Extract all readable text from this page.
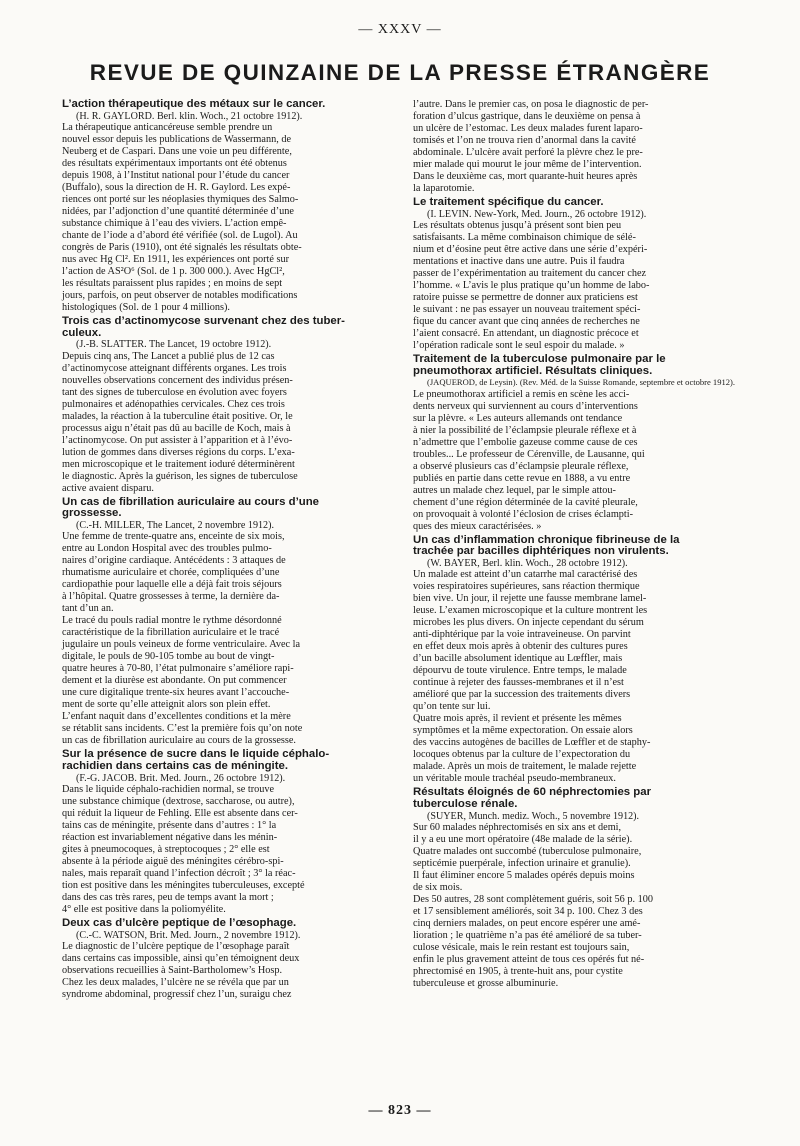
— XXXV —
REVUE DE QUINZAINE DE LA PRESSE ÉTRANGÈRE
L’action thérapeutique des métaux sur le cancer.
(H. R. GAYLORD. Berl. klin. Woch., 21 octobre 1912).
La thérapeutique anticancéreuse semble prendre un
nouvel essor depuis les publications de Wassermann, de
Neuberg et de Caspari. Dans une voie un peu différente,
des résultats expérimentaux importants ont été obtenus
depuis 1908, à l’Institut national pour l’étude du cancer
(Buffalo), sous la direction de H. R. Gaylord. Les expé-
riences ont porté sur les néoplasies thymiques des Salmo-
nidées, par l’adjonction d’une quantité déterminée d’une
substance chimique à l’eau des viviers. L’action empê-
chante de l’iode a d’abord été vérifiée (sol. de Lugol). Au
congrès de Paris (1910), ont été signalés les résultats obte-
nus avec Hg Cl². En 1911, les expériences ont porté sur
l’action de AS²O⁶ (Sol. de 1 p. 300 000.). Avec HgCl²,
les résultats paraissent plus rapides ; en moins de sept
jours, parfois, on peut observer de notables modifications
histologiques (Sol. de 1 pour 4 millions).
Trois cas d’actinomycose survenant chez des tuber-
culeux.
(J.-B. SLATTER. The Lancet, 19 octobre 1912).
Depuis cinq ans, The Lancet a publié plus de 12 cas
d’actinomycose atteignant différents organes. Les trois
nouvelles observations concernent des individus présen-
tant des signes de tuberculose en évolution avec foyers
pulmonaires et adénopathies cervicales. Chez ces trois
malades, la réaction à la tuberculine était positive. Or, le
processus aigu n’était pas dû au bacille de Koch, mais à
l’actinomycose. On put assister à l’apparition et à l’évo-
lution de gommes dans diverses régions du corps. L’exa-
men microscopique et le traitement ioduré déterminèrent
le diagnostic. Après la guérison, les signes de tuberculose
active avaient disparu.
Un cas de fibrillation auriculaire au cours d’une
grossesse.
(C.-H. MILLER, The Lancet, 2 novembre 1912).
Une femme de trente-quatre ans, enceinte de six mois,
entre au London Hospital avec des troubles pulmo-
naires d’origine cardiaque. Antécédents : 3 attaques de
rhumatisme auriculaire et chorée, compliquées d’une
cardiopathie pour laquelle elle a déjà fait trois séjours
à l’hôpital. Quatre grossesses à terme, la dernière da-
tant d’un an.
Le tracé du pouls radial montre le rythme désordonné
caractéristique de la fibrillation auriculaire et le tracé
jugulaire un pouls veineux de forme ventriculaire. Avec la
digitale, le pouls de 90-105 tombe au bout de vingt-
quatre heures à 70-80, l’état pulmonaire s’améliore rapi-
dement et la diurèse est abondante. On put commencer
une cure digitalique trente-six heures avant l’accouche-
ment de sorte qu’elle atteignit alors son plein effet.
L’enfant naquit dans d’excellentes conditions et la mère
se rétablit sans incidents. C’est la première fois qu’on note
un cas de fibrillation auriculaire au cours de la grossesse.
Sur la présence de sucre dans le liquide céphalo-
rachidien dans certains cas de méningite.
(F.-G. JACOB. Brit. Med. Journ., 26 octobre 1912).
Dans le liquide céphalo-rachidien normal, se trouve
une substance chimique (dextrose, saccharose, ou autre),
qui réduit la liqueur de Fehling. Elle est absente dans cer-
tains cas de méningite, présente dans d’autres : 1° la
réaction est invariablement négative dans les ménin-
gites à pneumocoques, à streptocoques ; 2° elle est
absente à la période aiguë des méningites cérébro-spi-
nales, mais reparaît quand l’infection décroît ; 3° la réac-
tion est positive dans les méningites tuberculeuses, excepté
dans des cas très rares, peu de temps avant la mort ;
4° elle est positive dans la poliomyélite.
Deux cas d’ulcère peptique de l’œsophage.
(C.-C. WATSON, Brit. Med. Journ., 2 novembre 1912).
Le diagnostic de l’ulcère peptique de l’œsophage paraît
dans certains cas impossible, ainsi qu’en témoignent deux
observations recueillies à Saint-Bartholomew’s Hosp.
Chez les deux malades, l’ulcère ne se révéla que par un
syndrome abdominal, progressif chez l’un, suraigu chez
l’autre. Dans le premier cas, on posa le diagnostic de per-
foration d’ulcus gastrique, dans le deuxième on pensa à
un ulcère de l’estomac. Les deux malades furent laparo-
tomisés et l’on ne trouva rien d’anormal dans la cavité
abdominale. L’ulcère avait perforé la plèvre chez le pre-
mier malade qui mourut le jour même de l’intervention.
Dans le deuxième cas, mort quarante-huit heures après
la laparotomie.
Le traitement spécifique du cancer.
(I. LEVIN. New-York, Med. Journ., 26 octobre 1912).
Les résultats obtenus jusqu’à présent sont bien peu
satisfaisants. La même combinaison chimique de sélé-
nium et d’éosine peut être active dans une série d’expéri-
mentations et inactive dans une autre. Puis il faudra
passer de l’expérimentation au traitement du cancer chez
l’homme. « L’avis le plus pratique qu’un homme de labo-
ratoire puisse se permettre de donner aux praticiens est
le suivant : ne pas essayer un nouveau traitement spéci-
fique du cancer avant que cinq années de recherches ne
l’aient consacré. En attendant, un diagnostic précoce et
l’opération radicale sont le seul espoir du malade. »
Traitement de la tuberculose pulmonaire par le
pneumothorax artificiel. Résultats cliniques.
(JAQUEROD, de Leysin). (Rev. Méd. de la Suisse Romande, septembre et octobre 1912).
Le pneumothorax artificiel a remis en scène les acci-
dents nerveux qui surviennent au cours d’interventions
sur la plèvre. « Les auteurs allemands ont tendance
à nier la possibilité de l’éclampsie pleurale réflexe et à
n’admettre que l’embolie gazeuse comme cause de ces
troubles... Le professeur de Cérenville, de Lausanne, qui
a observé plusieurs cas d’éclampsie pleurale réflexe,
publiés en partie dans cette revue en 1888, a vu entre
autres un malade chez lequel, par le simple attou-
chement d’une région déterminée de la cavité pleurale,
on provoquait à volonté l’éclosion de crises éclampti-
ques des mieux caractérisées. »
Un cas d’inflammation chronique fibrineuse de la
trachée par bacilles diphtériques non virulents.
(W. BAYER, Berl. klin. Woch., 28 octobre 1912).
Un malade est atteint d’un catarrhe mal caractérisé des
voies respiratoires supérieures, sans réaction thermique
bien vive. Un jour, il rejette une fausse membrane lamel-
leuse. L’examen microscopique et la culture montrent les
microbes les plus divers. On injecte cependant du sérum
anti-diphtérique par la voie intraveineuse. On parvint
en effet deux mois après à obtenir des cultures pures
d’un bacille absolument identique au Lœffler, mais
dépourvu de toute virulence. Entre temps, le malade
continue à rejeter des fausses-membranes et il n’est
amélioré que par la succession des traitements divers
qu’on tente sur lui.
Quatre mois après, il revient et présente les mêmes
symptômes et la même expectoration. On essaie alors
des vaccins autogènes de bacilles de Lœffler et de staphy-
locoques obtenus par la culture de l’expectoration du
malade. Après un mois de traitement, le malade rejette
un véritable moule trachéal pseudo-membraneux.
Résultats éloignés de 60 néphrectomies par
tuberculose rénale.
(SUYER, Munch. mediz. Woch., 5 novembre 1912).
Sur 60 malades néphrectomisés en six ans et demi,
il y a eu une mort opératoire (48e malade de la série).
Quatre malades ont succombé (tuberculose pulmonaire,
septicémie puerpérale, infection urinaire et granulie).
Il faut éliminer encore 5 malades opérés depuis moins
de six mois.
Des 50 autres, 28 sont complètement guéris, soit 56 p. 100
et 17 sensiblement améliorés, soit 34 p. 100. Chez 3 des
cinq derniers malades, on peut encore espérer une amé-
lioration ; le quatrième n’a pas été amélioré de sa tuber-
culose vésicale, mais le rein restant est toujours sain,
enfin le plus gravement atteint de tous ces opérés fut né-
phrectomisé en 1905, à trente-huit ans, pour cystite
tuberculeuse et grosse albuminurie.
— 823 —
